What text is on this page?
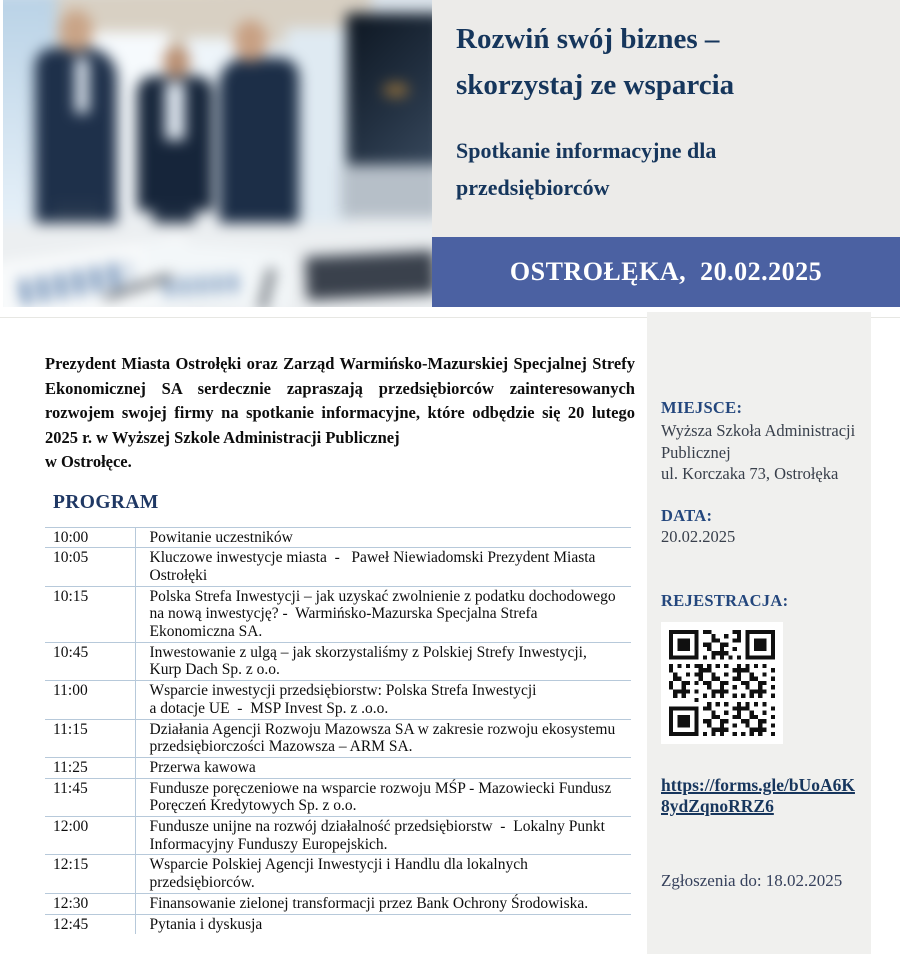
Rozwiń swój biznes –
skorzystaj ze wsparcia
Spotkanie informacyjne dla przedsiębiorców
OSTROŁĘKA,  20.02.2025

Prezydent Miasta Ostrołęki oraz Zarząd Warmińsko-Mazurskiej Specjalnej Strefy Ekonomicznej SA serdecznie zapraszają przedsiębiorców zainteresowanych rozwojem swojej firmy na spotkanie informacyjne, które odbędzie się 20 lutego 2025 r. w Wyższej Szkole Administracji Publicznej

w Ostrołęce.

PROGRAM
10:00	Powitanie uczestników
10:05	Kluczowe inwestycje miasta  -   Paweł Niewiadomski Prezydent Miasta
Ostrołęki
10:15	Polska Strefa Inwestycji – jak uzyskać zwolnienie z podatku dochodowego
na nową inwestycję? -  Warmińsko-Mazurska Specjalna Strefa
Ekonomiczna SA.
10:45	Inwestowanie z ulgą – jak skorzystaliśmy z Polskiej Strefy Inwestycji,
Kurp Dach Sp. z o.o.
11:00	Wsparcie inwestycji przedsiębiorstw: Polska Strefa Inwestycji
a dotacje UE  -  MSP Invest Sp. z .o.o.
11:15	Działania Agencji Rozwoju Mazowsza SA w zakresie rozwoju ekosystemu
przedsiębiorczości Mazowsza – ARM SA.
11:25	Przerwa kawowa

11:45	Fundusze poręczeniowe na wsparcie rozwoju MŚP - Mazowiecki Fundusz
Poręczeń Kredytowych Sp. z o.o.
12:00	Fundusze unijne na rozwój działalność przedsiębiorstw  -  Lokalny Punkt
Informacyjny Funduszy Europejskich.
12:15	Wsparcie Polskiej Agencji Inwestycji i Handlu dla lokalnych
przedsiębiorców.
12:30	Finansowanie zielonej transformacji przez Bank Ochrony Środowiska.
12:45	Pytania i dyskusja

MIEJSCE:
Wyższa Szkoła Administracji Publicznej
ul. Korczaka 73, Ostrołęka
DATA:
20.02.2025
REJESTRACJA:
https://forms.gle/bUoA6K8ydZqnoRRZ6
Zgłoszenia do: 18.02.2025
